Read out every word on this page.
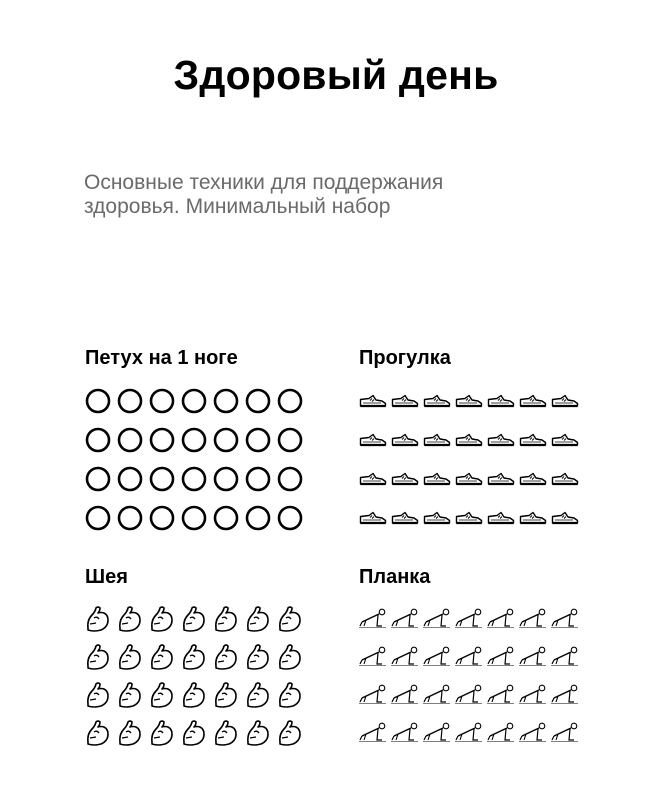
Здоровый день

Основные техники для поддержания здоровья. Минимальный набор

Петух на 1 ноге	Прогулка
Шея	Планка
